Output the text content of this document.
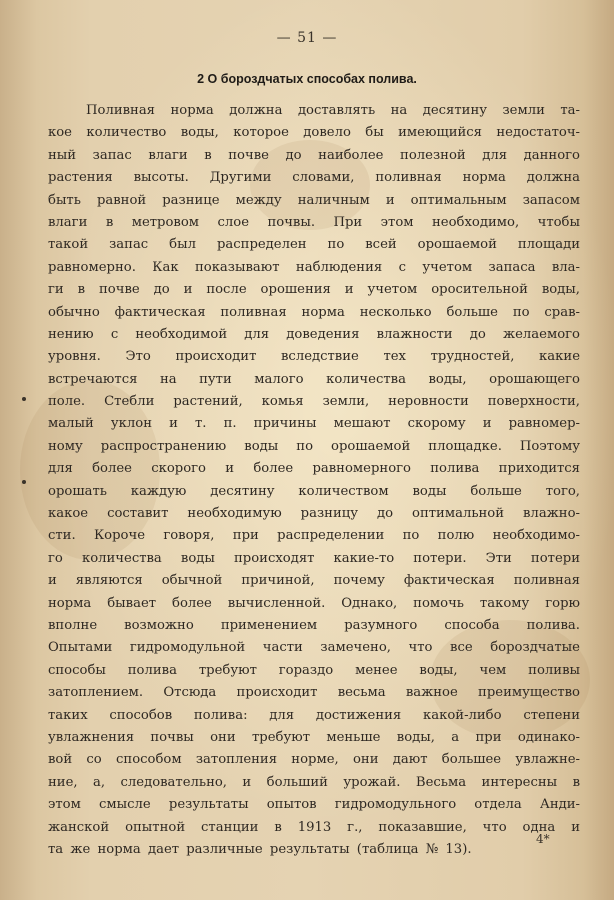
— 51 —
2 О бороздчатых способах полива.
Поливная норма должна доставлять на десятину земли та-
кое количество воды, которое довело бы имеющийся недостаточ-
ный запас влаги в почве до наиболее полезной для данного
растения высоты. Другими словами, поливная норма должна
быть равной разнице между наличным и оптимальным запасом
влаги в метровом слое почвы. При этом необходимо, чтобы
такой запас был распределен по всей орошаемой площади
равномерно. Как показывают наблюдения с учетом запаса вла-
ги в почве до и после орошения и учетом оросительной воды,
обычно фактическая поливная норма несколько больше по срав-
нению с необходимой для доведения влажности до желаемого
уровня. Это происходит вследствие тех трудностей, какие
встречаются на пути малого количества воды, орошающего
поле. Стебли растений, комья земли, неровности поверхности,
малый уклон и т. п. причины мешают скорому и равномер-
ному распространению воды по орошаемой площадке. Поэтому
для более скорого и более равномерного полива приходится
орошать каждую десятину количеством воды больше того,
какое составит необходимую разницу до оптимальной влажно-
сти. Короче говоря, при распределении по полю необходимо-
го количества воды происходят какие-то потери. Эти потери
и являются обычной причиной, почему фактическая поливная
норма бывает более вычисленной. Однако, помочь такому горю
вполне возможно применением разумного способа полива.
Опытами гидромодульной части замечено, что все бороздчатые
способы полива требуют гораздо менее воды, чем поливы
затоплением. Отсюда происходит весьма важное преимущество
таких способов полива: для достижения какой-либо степени
увлажнения почвы они требуют меньше воды, а при одинако-
вой со способом затопления норме, они дают большее увлажне-
ние, а, следовательно, и больший урожай. Весьма интересны в
этом смысле результаты опытов гидромодульного отдела Анди-
жанской опытной станции в 1913 г., показавшие, что одна и
та же норма дает различные результаты (таблица № 13).
4*
